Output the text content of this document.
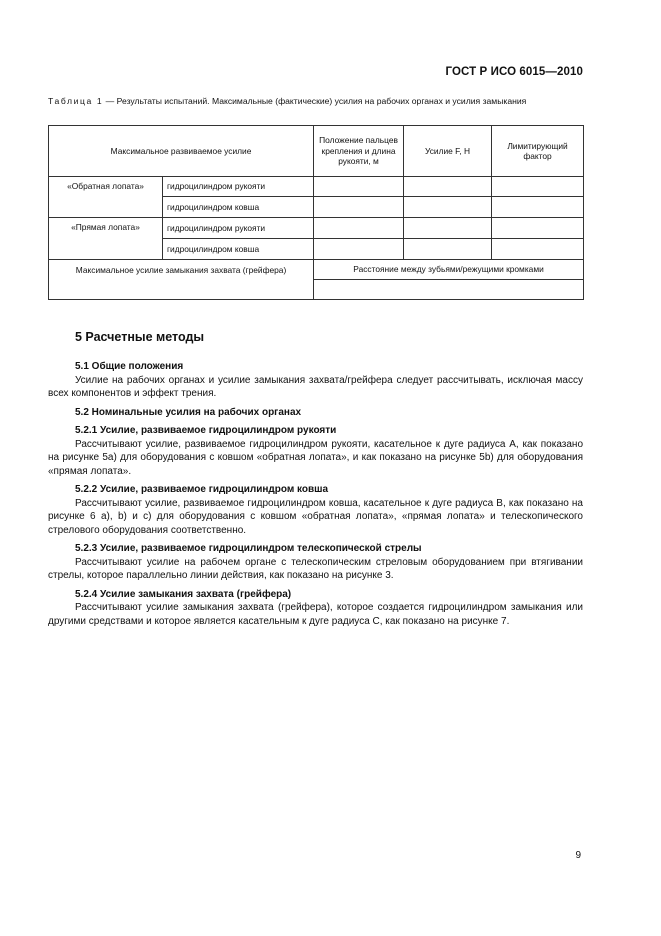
ГОСТ Р ИСО 6015—2010
Таблица 1 — Результаты испытаний. Максимальные (фактические) усилия на рабочих органах и усилия замыкания
Максимальное развиваемое усилие		Положение пальцев крепления и длина рукояти, м	Усилие F, Н	Лимитирующий фактор
«Обратная лопата»	гидроцилиндром рукояти			
	гидроцилиндром ковша			
«Прямая лопата»	гидроцилиндром рукояти			
	гидроцилиндром ковша			
Максимальное усилие замыкания захвата (грейфера)		Расстояние между зубьями/режущими кромками		

5 Расчетные методы
5.1 Общие положения

Усилие на рабочих органах и усилие замыкания захвата/грейфера следует рассчитывать, исключая массу всех компонентов и эффект трения.

5.2 Номинальные усилия на рабочих органах
5.2.1 Усилие, развиваемое гидроцилиндром рукояти

Рассчитывают усилие, развиваемое гидроцилиндром рукояти, касательное к дуге радиуса A, как показано на рисунке 5a) для оборудования с ковшом «обратная лопата», и как показано на рисунке 5b) для оборудования «прямая лопата».

5.2.2 Усилие, развиваемое гидроцилиндром ковша

Рассчитывают усилие, развиваемое гидроцилиндром ковша, касательное к дуге радиуса B, как показано на рисунке 6 a), b) и c) для оборудования с ковшом «обратная лопата», «прямая лопата» и телескопического стрелового оборудования соответственно.

5.2.3 Усилие, развиваемое гидроцилиндром телескопической стрелы

Рассчитывают усилие на рабочем органе с телескопическим стреловым оборудованием при втягивании стрелы, которое параллельно линии действия, как показано на рисунке 3.

5.2.4 Усилие замыкания захвата (грейфера)

Рассчитывают усилие замыкания захвата (грейфера), которое создается гидроцилиндром замыкания или другими средствами и которое является касательным к дуге радиуса C, как показано на рисунке 7.

9
